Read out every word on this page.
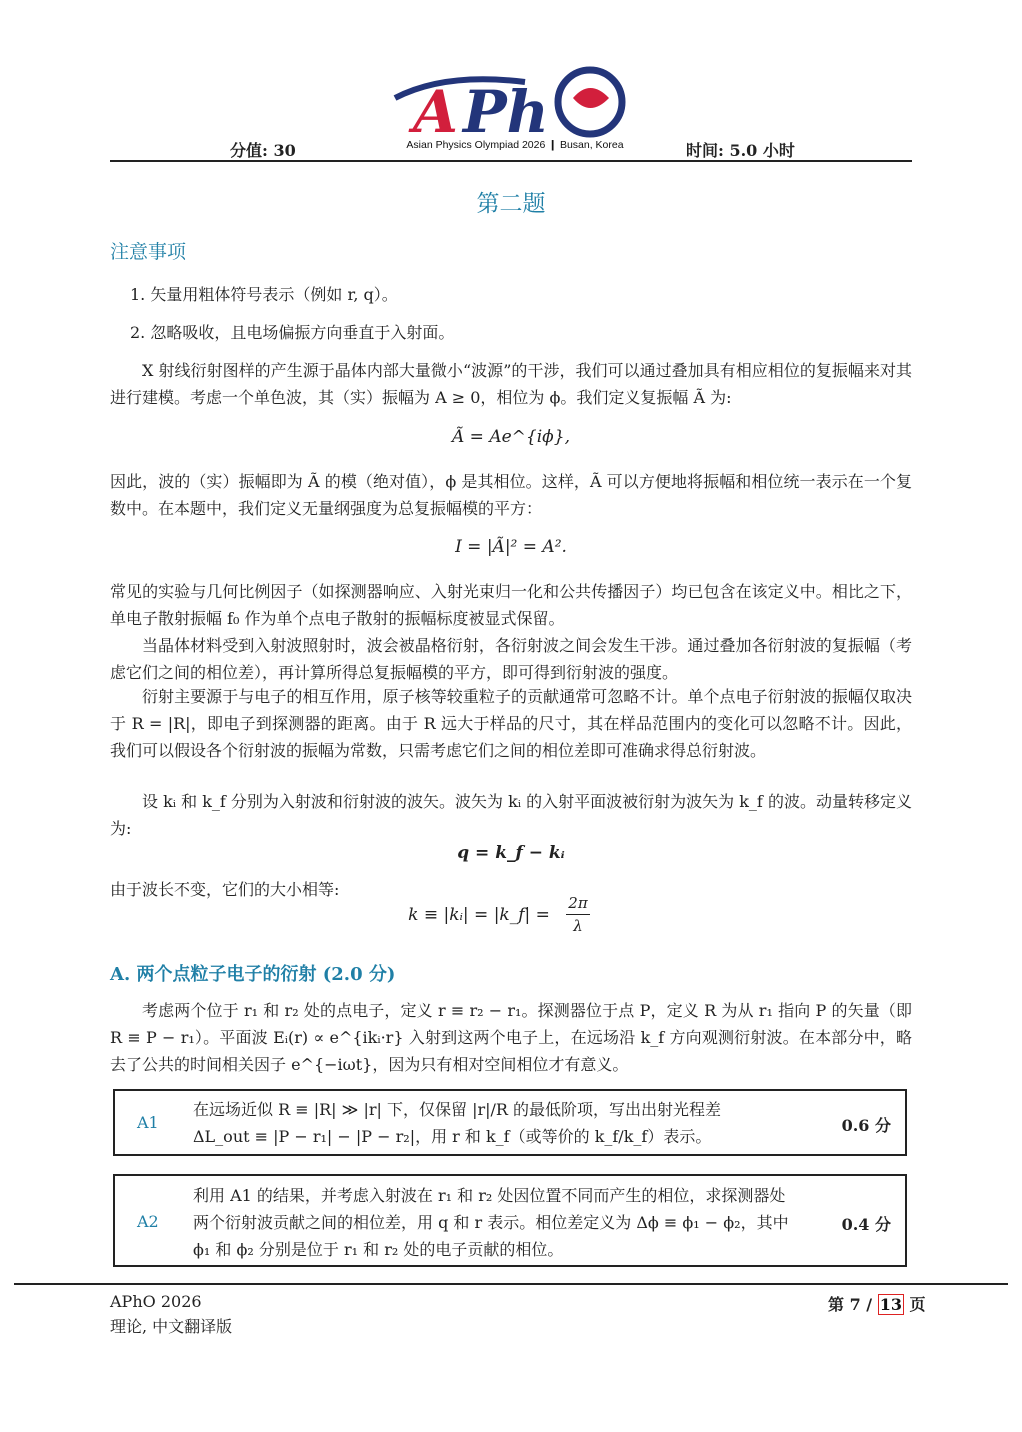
A Ph
Asian Physics Olympiad 2026 ❙ Busan, Korea
分值: 30	时间: 5.0 小时
第二题
注意事项
1. 矢量用粗体符号表示（例如 r, q）。
2. 忽略吸收，且电场偏振方向垂直于入射面。
X 射线衍射图样的产生源于晶体内部大量微小“波源”的干涉，我们可以通过叠加具有相应相位的复振幅来对其进行建模。考虑一个单色波，其（实）振幅为 A ≥ 0，相位为 ϕ。我们定义复振幅 Ã 为:
Ã = Ae^{iϕ},
因此，波的（实）振幅即为 Ã 的模（绝对值），ϕ 是其相位。这样，Ã 可以方便地将振幅和相位统一表示在一个复数中。在本题中，我们定义无量纲强度为总复振幅模的平方：
I = |Ã|² = A².
常见的实验与几何比例因子（如探测器响应、入射光束归一化和公共传播因子）均已包含在该定义中。相比之下，单电子散射振幅 f₀ 作为单个点电子散射的振幅标度被显式保留。
当晶体材料受到入射波照射时，波会被晶格衍射，各衍射波之间会发生干涉。通过叠加各衍射波的复振幅（考虑它们之间的相位差），再计算所得总复振幅模的平方，即可得到衍射波的强度。
衍射主要源于与电子的相互作用，原子核等较重粒子的贡献通常可忽略不计。单个点电子衍射波的振幅仅取决于 R = |R|，即电子到探测器的距离。由于 R 远大于样品的尺寸，其在样品范围内的变化可以忽略不计。因此，我们可以假设各个衍射波的振幅为常数，只需考虑它们之间的相位差即可准确求得总衍射波。
设 kᵢ 和 k_f 分别为入射波和衍射波的波矢。波矢为 kᵢ 的入射平面波被衍射为波矢为 k_f 的波。动量转移定义为:
q = k_f − kᵢ
由于波长不变，它们的大小相等:
k ≡ |kᵢ| = |k_f| =
2π
λ
A. 两个点粒子电子的衍射 (2.0 分)
考虑两个位于 r₁ 和 r₂ 处的点电子，定义 r ≡ r₂ − r₁。探测器位于点 P，定义 R 为从 r₁ 指向 P 的矢量（即 R ≡ P − r₁）。平面波 Eᵢ(r) ∝ e^{ikᵢ·r} 入射到这两个电子上，在远场沿 k_f 方向观测衍射波。在本部分中，略去了公共的时间相关因子 e^{−iωt}，因为只有相对空间相位才有意义。
A1
在远场近似 R ≡ |R| ≫ |r| 下，仅保留 |r|/R 的最低阶项，写出出射光程差
ΔL_out ≡ |P − r₁| − |P − r₂|，用 r 和 k_f（或等价的 k_f/k_f）表示。
0.6 分
A2
利用 A1 的结果，并考虑入射波在 r₁ 和 r₂ 处因位置不同而产生的相位，求探测器处
两个衍射波贡献之间的相位差，用 q 和 r 表示。相位差定义为 Δϕ ≡ ϕ₁ − ϕ₂，其中
ϕ₁ 和 ϕ₂ 分别是位于 r₁ 和 r₂ 处的电子贡献的相位。
0.4 分
APhO 2026
理论, 中文翻译版
第 7 / 13 页
